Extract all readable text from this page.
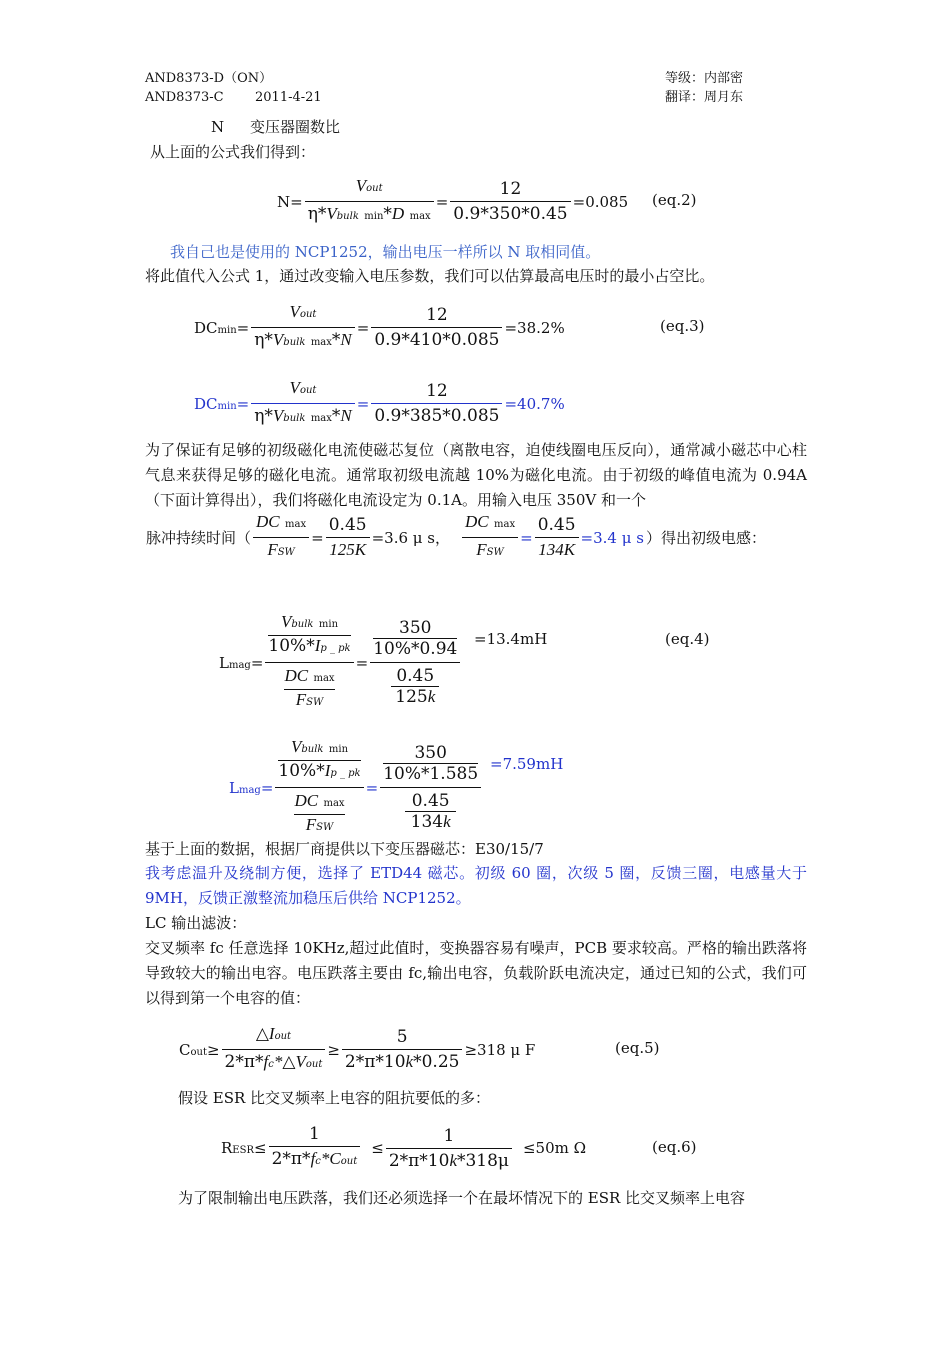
AND8373-D（ON）
AND8373-C 2011-4-21
等级：内部密
翻译：周月东
N 变压器圈数比
从上面的公式我们得到：
$N= \frac{\text{Vout}}{\text{η*Vbulk min*D max}} = \frac{12}{0.9*350*0.45} =0.085$ (eq.2)
我自己也是使用的 NCP1252，输出电压一样所以 N 取相同值。
将此值代入公式 1，通过改变输入电压参数，我们可以估算最高电压时的最小占空比。
$DCmin= \frac{\text{Vout}}{\text{η*Vbulk max*N}} = \frac{12}{0.9*410*0.085} =38.2\%$	(eq.3)
$DCmin= \frac{\text{Vout}}{\text{η*Vbulk max*N}} = \frac{12}{0.9*385*0.085} =40.7\%$
为了保证有足够的初级磁化电流使磁芯复位（离散电容，迫使线圈电压反向），通常减小磁芯中心柱气息来获得足够的磁化电流。通常取初级电流越 10%为磁化电流。由于初级的峰值电流为 0.94A（下面计算得出），我们将磁化电流设定为 0.1A。用输入电压 350V 和一个
脉冲持续时间（ $\frac{\text{DC max}}{\text{FSW}} = \frac{0.45}{125K} =3.6$ μ s， $\frac{\text{DC max}}{\text{FSW}} = \frac{0.45}{134K} =3.4$ μ s ）得出初级电感：
Lmag= Vbulk min
10%*Ip _ pk
DC max
FSW = 350
10%*0.94
0.45
125k =13.4mH	(eq.4)
Lmag= Vbulk min
10%*Ip _ pk
DC max
FSW = 350
10%*1.585
0.45
134k =7.59mH
基于上面的数据，根据厂商提供以下变压器磁芯：E30/15/7
我考虑温升及绕制方便，选择了 ETD44 磁芯。初级 60 圈，次级 5 圈，反馈三圈，电感量大于 9MH，反馈正激整流加稳压后供给 NCP1252。
LC 输出滤波：
交叉频率 fc 任意选择 10KHz,超过此值时，变换器容易有噪声，PCB 要求较高。严格的输出跌落将导致较大的输出电容。电压跌落主要由 fc,输出电容，负载阶跃电流决定，通过已知的公式，我们可以得到第一个电容的值：
Cout≥ $\frac{\text{△Iout}}{\text{2*π*fc*△Vout}} \ge \frac{5}{2*\pi*10k*0.25} \ge 318$ μ F	(eq.5)
假设 ESR 比交叉频率上电容的阻抗要低的多：
RESR≤ $\frac{1}{\text{2*π*fc*Cout}} \le \frac{1}{2*\pi*10k*318\mu} \le 50m$ Ω	(eq.6)
为了限制输出电压跌落，我们还必须选择一个在最坏情况下的 ESR 比交叉频率上电容
